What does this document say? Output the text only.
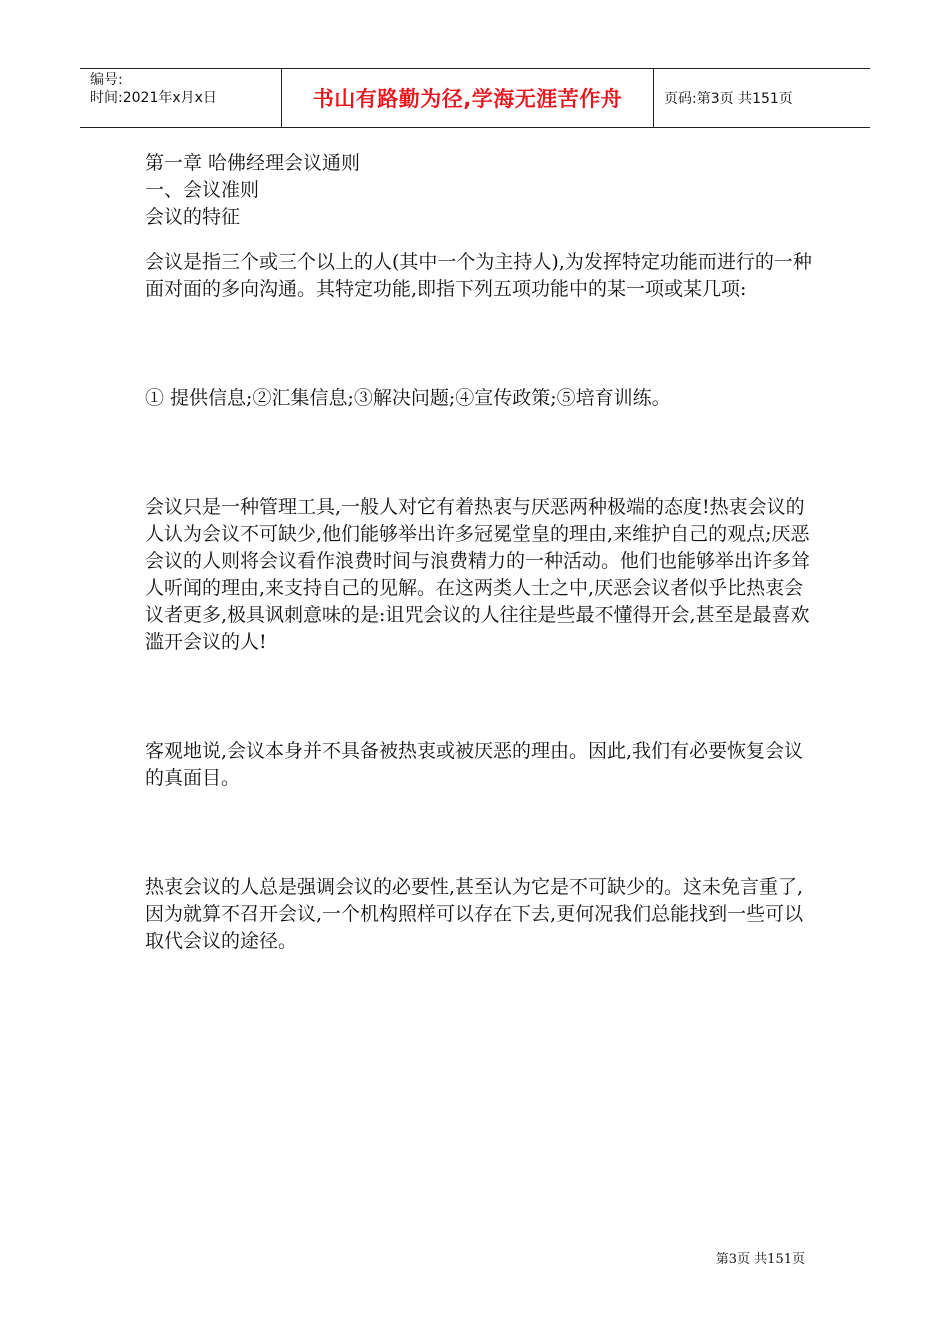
编号:
时间:2021年x月x日	书山有路勤为径,学海无涯苦作舟	页码:第3页 共151页

第一章 哈佛经理会议通则

一、会议准则

会议的特征

会议是指三个或三个以上的人(其中一个为主持人),为发挥特定功能而进行的一种面对面的多向沟通。其特定功能,即指下列五项功能中的某一项或某几项:

① 提供信息;②汇集信息;③解决问题;④宣传政策;⑤培育训练。

会议只是一种管理工具,一般人对它有着热衷与厌恶两种极端的态度!热衷会议的人认为会议不可缺少,他们能够举出许多冠冕堂皇的理由,来维护自己的观点;厌恶会议的人则将会议看作浪费时间与浪费精力的一种活动。他们也能够举出许多耸人听闻的理由,来支持自己的见解。在这两类人士之中,厌恶会议者似乎比热衷会议者更多,极具讽刺意味的是:诅咒会议的人往往是些最不懂得开会,甚至是最喜欢滥开会议的人!

客观地说,会议本身并不具备被热衷或被厌恶的理由。因此,我们有必要恢复会议的真面目。

热衷会议的人总是强调会议的必要性,甚至认为它是不可缺少的。这未免言重了,因为就算不召开会议,一个机构照样可以存在下去,更何况我们总能找到一些可以取代会议的途径。

第3页 共151页
